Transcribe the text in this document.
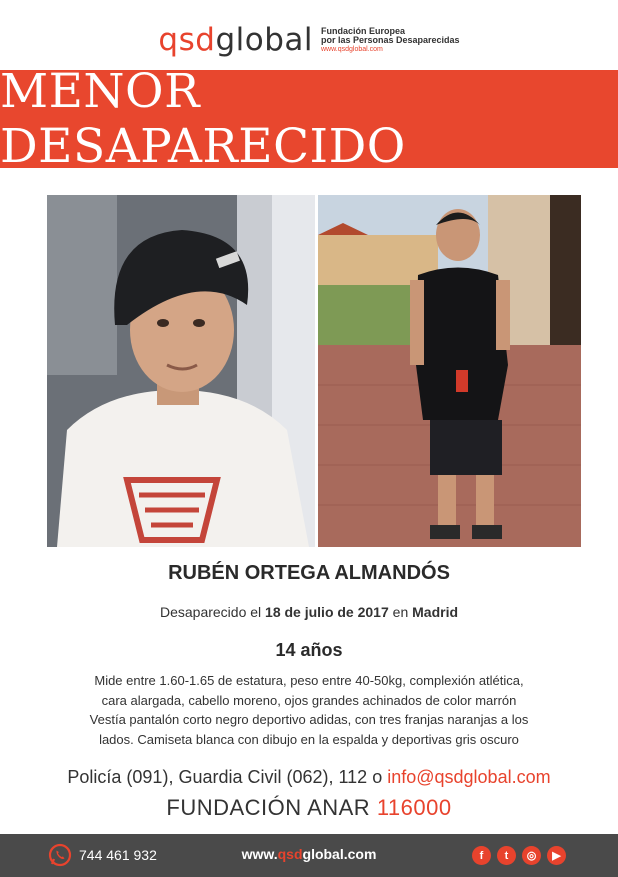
qsdglobal Fundación Europea
por las Personas Desaparecidas
www.qsdglobal.com
MENOR DESAPARECIDO
RUBÉN ORTEGA ALMANDÓS
Desaparecido el 18 de julio de 2017 en Madrid
14 años
Mide entre 1.60-1.65 de estatura, peso entre 40-50kg, complexión atlética,
cara alargada, cabello moreno, ojos grandes achinados de color marrón
Vestía pantalón corto negro deportivo adidas, con tres franjas naranjas a los
lados. Camiseta blanca con dibujo en la espalda y deportivas gris oscuro
Policía (091), Guardia Civil (062), 112 o info@qsdglobal.com
FUNDACIÓN ANAR 116000
744 461 932	www.qsdglobal.com	f	t	◎	▶
